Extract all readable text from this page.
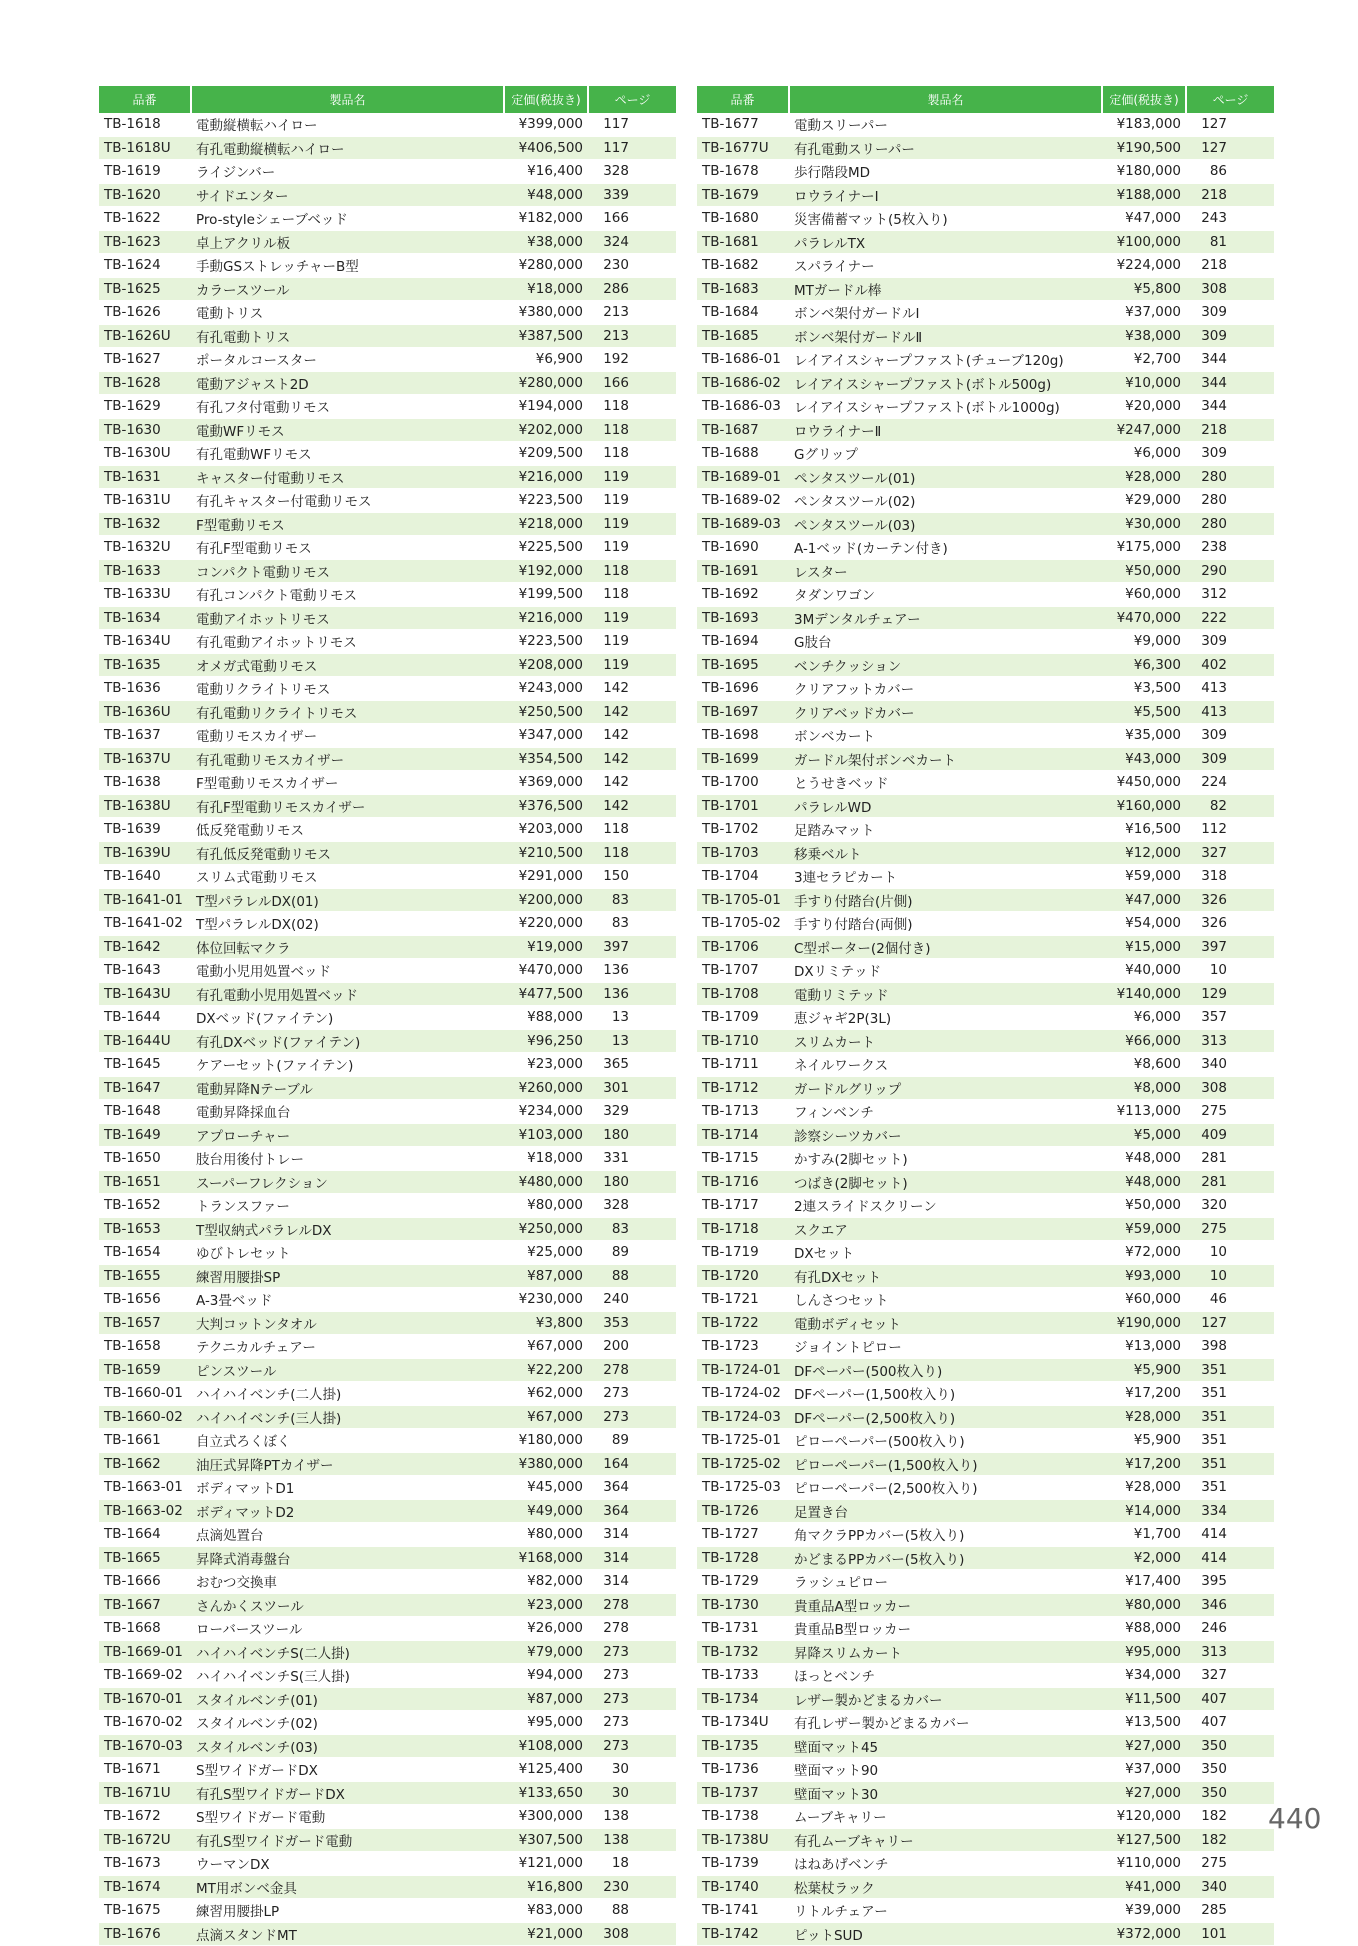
品番	製品名	定価(税抜き)	ページ
TB-1618	電動縦横転ハイロー	¥399,000	117
TB-1618U	有孔電動縦横転ハイロー	¥406,500	117
TB-1619	ライジンバー	¥16,400	328
TB-1620	サイドエンター	¥48,000	339
TB-1622	Pro-styleシェーブベッド	¥182,000	166
TB-1623	卓上アクリル板	¥38,000	324
TB-1624	手動GSストレッチャーB型	¥280,000	230
TB-1625	カラースツール	¥18,000	286
TB-1626	電動トリス	¥380,000	213
TB-1626U	有孔電動トリス	¥387,500	213
TB-1627	ポータルコースター	¥6,900	192
TB-1628	電動アジャスト2D	¥280,000	166
TB-1629	有孔フタ付電動リモス	¥194,000	118
TB-1630	電動WFリモス	¥202,000	118
TB-1630U	有孔電動WFリモス	¥209,500	118
TB-1631	キャスター付電動リモス	¥216,000	119
TB-1631U	有孔キャスター付電動リモス	¥223,500	119
TB-1632	F型電動リモス	¥218,000	119
TB-1632U	有孔F型電動リモス	¥225,500	119
TB-1633	コンパクト電動リモス	¥192,000	118
TB-1633U	有孔コンパクト電動リモス	¥199,500	118
TB-1634	電動アイホットリモス	¥216,000	119
TB-1634U	有孔電動アイホットリモス	¥223,500	119
TB-1635	オメガ式電動リモス	¥208,000	119
TB-1636	電動リクライトリモス	¥243,000	142
TB-1636U	有孔電動リクライトリモス	¥250,500	142
TB-1637	電動リモスカイザー	¥347,000	142
TB-1637U	有孔電動リモスカイザー	¥354,500	142
TB-1638	F型電動リモスカイザー	¥369,000	142
TB-1638U	有孔F型電動リモスカイザー	¥376,500	142
TB-1639	低反発電動リモス	¥203,000	118
TB-1639U	有孔低反発電動リモス	¥210,500	118
TB-1640	スリム式電動リモス	¥291,000	150
TB-1641-01	T型パラレルDX(01)	¥200,000	83
TB-1641-02	T型パラレルDX(02)	¥220,000	83
TB-1642	体位回転マクラ	¥19,000	397
TB-1643	電動小児用処置ベッド	¥470,000	136
TB-1643U	有孔電動小児用処置ベッド	¥477,500	136
TB-1644	DXベッド(ファイテン)	¥88,000	13
TB-1644U	有孔DXベッド(ファイテン)	¥96,250	13
TB-1645	ケアーセット(ファイテン)	¥23,000	365
TB-1647	電動昇降Nテーブル	¥260,000	301
TB-1648	電動昇降採血台	¥234,000	329
TB-1649	アプローチャー	¥103,000	180
TB-1650	肢台用後付トレー	¥18,000	331
TB-1651	スーパーフレクション	¥480,000	180
TB-1652	トランスファー	¥80,000	328
TB-1653	T型収納式パラレルDX	¥250,000	83
TB-1654	ゆびトレセット	¥25,000	89
TB-1655	練習用腰掛SP	¥87,000	88
TB-1656	A-3畳ベッド	¥230,000	240
TB-1657	大判コットンタオル	¥3,800	353
TB-1658	テクニカルチェアー	¥67,000	200
TB-1659	ピンスツール	¥22,200	278
TB-1660-01	ハイハイベンチ(二人掛)	¥62,000	273
TB-1660-02	ハイハイベンチ(三人掛)	¥67,000	273
TB-1661	自立式ろくぼく	¥180,000	89
TB-1662	油圧式昇降PTカイザー	¥380,000	164
TB-1663-01	ボディマットD1	¥45,000	364
TB-1663-02	ボディマットD2	¥49,000	364
TB-1664	点滴処置台	¥80,000	314
TB-1665	昇降式消毒盤台	¥168,000	314
TB-1666	おむつ交換車	¥82,000	314
TB-1667	さんかくスツール	¥23,000	278
TB-1668	ローバースツール	¥26,000	278
TB-1669-01	ハイハイベンチS(二人掛)	¥79,000	273
TB-1669-02	ハイハイベンチS(三人掛)	¥94,000	273
TB-1670-01	スタイルベンチ(01)	¥87,000	273
TB-1670-02	スタイルベンチ(02)	¥95,000	273
TB-1670-03	スタイルベンチ(03)	¥108,000	273
TB-1671	S型ワイドガードDX	¥125,400	30
TB-1671U	有孔S型ワイドガードDX	¥133,650	30
TB-1672	S型ワイドガード電動	¥300,000	138
TB-1672U	有孔S型ワイドガード電動	¥307,500	138
TB-1673	ウーマンDX	¥121,000	18
TB-1674	MT用ボンベ金具	¥16,800	230
TB-1675	練習用腰掛LP	¥83,000	88
TB-1676	点滴スタンドMT	¥21,000	308
品番	製品名	定価(税抜き)	ページ
TB-1677	電動スリーパー	¥183,000	127
TB-1677U	有孔電動スリーパー	¥190,500	127
TB-1678	歩行階段MD	¥180,000	86
TB-1679	ロウライナーⅠ	¥188,000	218
TB-1680	災害備蓄マット(5枚入り)	¥47,000	243
TB-1681	パラレルTX	¥100,000	81
TB-1682	スパライナー	¥224,000	218
TB-1683	MTガードル棒	¥5,800	308
TB-1684	ボンベ架付ガードルⅠ	¥37,000	309
TB-1685	ボンベ架付ガードルⅡ	¥38,000	309
TB-1686-01	レイアイスシャープファスト(チューブ120g)	¥2,700	344
TB-1686-02	レイアイスシャープファスト(ボトル500g)	¥10,000	344
TB-1686-03	レイアイスシャープファスト(ボトル1000g)	¥20,000	344
TB-1687	ロウライナーⅡ	¥247,000	218
TB-1688	Gグリップ	¥6,000	309
TB-1689-01	ペンタスツール(01)	¥28,000	280
TB-1689-02	ペンタスツール(02)	¥29,000	280
TB-1689-03	ペンタスツール(03)	¥30,000	280
TB-1690	A-1ベッド(カーテン付き)	¥175,000	238
TB-1691	レスター	¥50,000	290
TB-1692	タダンワゴン	¥60,000	312
TB-1693	3Mデンタルチェアー	¥470,000	222
TB-1694	G肢台	¥9,000	309
TB-1695	ベンチクッション	¥6,300	402
TB-1696	クリアフットカバー	¥3,500	413
TB-1697	クリアベッドカバー	¥5,500	413
TB-1698	ボンベカート	¥35,000	309
TB-1699	ガードル架付ボンベカート	¥43,000	309
TB-1700	とうせきベッド	¥450,000	224
TB-1701	パラレルWD	¥160,000	82
TB-1702	足踏みマット	¥16,500	112
TB-1703	移乗ベルト	¥12,000	327
TB-1704	3連セラピカート	¥59,000	318
TB-1705-01	手すり付踏台(片側)	¥47,000	326
TB-1705-02	手すり付踏台(両側)	¥54,000	326
TB-1706	C型ポーター(2個付き)	¥15,000	397
TB-1707	DXリミテッド	¥40,000	10
TB-1708	電動リミテッド	¥140,000	129
TB-1709	恵ジャギ2P(3L)	¥6,000	357
TB-1710	スリムカート	¥66,000	313
TB-1711	ネイルワークス	¥8,600	340
TB-1712	ガードルグリップ	¥8,000	308
TB-1713	フィンベンチ	¥113,000	275
TB-1714	診察シーツカバー	¥5,000	409
TB-1715	かすみ(2脚セット)	¥48,000	281
TB-1716	つばき(2脚セット)	¥48,000	281
TB-1717	2連スライドスクリーン	¥50,000	320
TB-1718	スクエア	¥59,000	275
TB-1719	DXセット	¥72,000	10
TB-1720	有孔DXセット	¥93,000	10
TB-1721	しんさつセット	¥60,000	46
TB-1722	電動ボディセット	¥190,000	127
TB-1723	ジョイントピロー	¥13,000	398
TB-1724-01	DFペーパー(500枚入り)	¥5,900	351
TB-1724-02	DFペーパー(1,500枚入り)	¥17,200	351
TB-1724-03	DFペーパー(2,500枚入り)	¥28,000	351
TB-1725-01	ピローペーパー(500枚入り)	¥5,900	351
TB-1725-02	ピローペーパー(1,500枚入り)	¥17,200	351
TB-1725-03	ピローペーパー(2,500枚入り)	¥28,000	351
TB-1726	足置き台	¥14,000	334
TB-1727	角マクラPPカバー(5枚入り)	¥1,700	414
TB-1728	かどまるPPカバー(5枚入り)	¥2,000	414
TB-1729	ラッシュピロー	¥17,400	395
TB-1730	貴重品A型ロッカー	¥80,000	346
TB-1731	貴重品B型ロッカー	¥88,000	246
TB-1732	昇降スリムカート	¥95,000	313
TB-1733	ほっとベンチ	¥34,000	327
TB-1734	レザー製かどまるカバー	¥11,500	407
TB-1734U	有孔レザー製かどまるカバー	¥13,500	407
TB-1735	壁面マット45	¥27,000	350
TB-1736	壁面マット90	¥37,000	350
TB-1737	壁面マット30	¥27,000	350
TB-1738	ムーブキャリー	¥120,000	182
TB-1738U	有孔ムーブキャリー	¥127,500	182
TB-1739	はねあげベンチ	¥110,000	275
TB-1740	松葉杖ラック	¥41,000	340
TB-1741	リトルチェアー	¥39,000	285
TB-1742	ピットSUD	¥372,000	101
440
